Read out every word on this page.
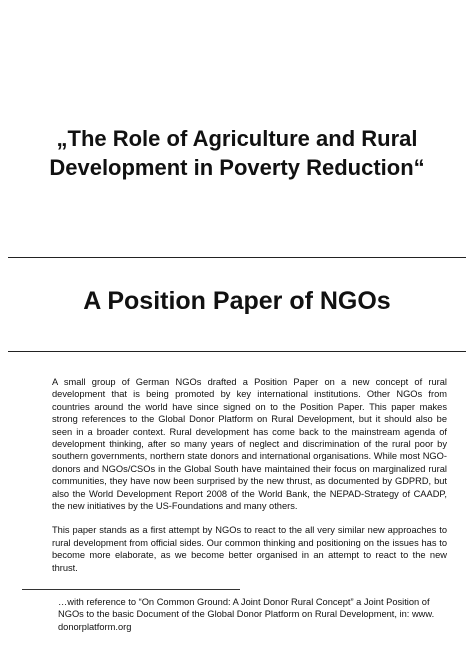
„The Role of Agriculture and Rural Development in Poverty Reduction“
A Position Paper of NGOs

A small group of German NGOs drafted a Position Paper on a new concept of rural development that is being promoted by key international institutions. Other NGOs from countries around the world have since signed on to the Position Paper. This paper makes strong references to the Global Donor Platform on Rural Development, but it should also be seen in a broader context. Rural development has come back to the mainstream agenda of development thinking, after so many years of neglect and discrimination of the rural poor by southern governments, northern state donors and international organisations. While most NGO-donors and NGOs/CSOs in the Global South have maintained their focus on marginalized rural communities, they have now been surprised by the new thrust, as documented by GDPRD, but also the World Development Report 2008 of the World Bank, the NEPAD-Strategy of CAADP, the new initiatives by the US-Foundations and many others.

This paper stands as a first attempt by NGOs to react to the all very similar new approaches to rural development from official sides. Our common thinking and positioning on the issues has to become more elaborate, as we become better organised in an attempt to react to the new thrust.

…with reference to “On Common Ground: A Joint Donor Rural Concept” a Joint Position of NGOs to the basic Document of the Global Donor Platform on Rural Development, in: www. donorplatform.org
